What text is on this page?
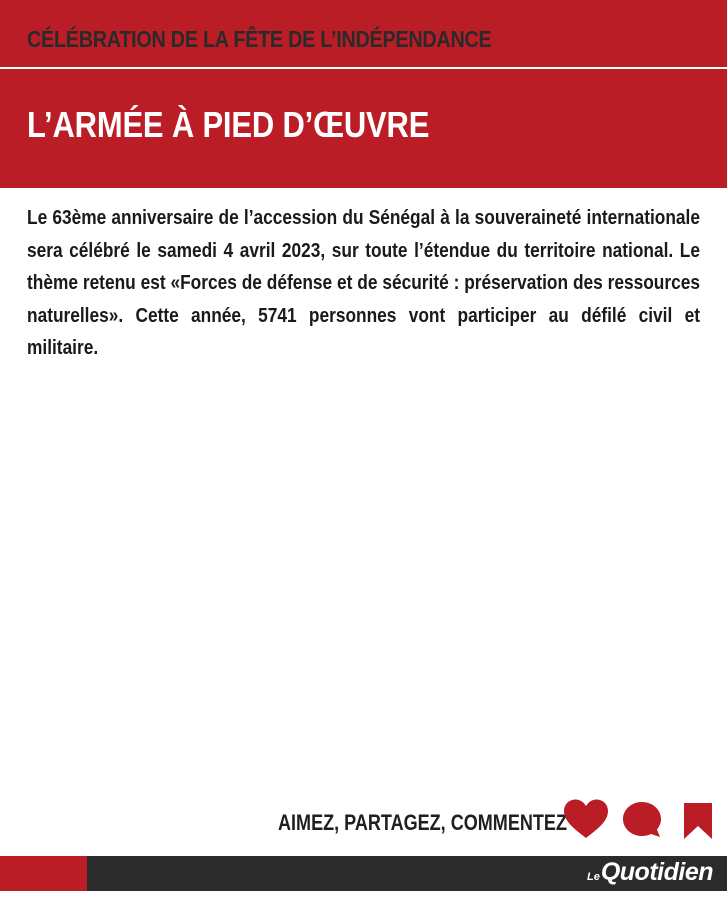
CÉLÉBRATION DE LA FÊTE DE L’INDÉPENDANCE
L’ARMÉE À PIED D’ŒUVRE
Le 63ème anniversaire de l’accession du Sénégal à la souveraineté internationale sera célébré le samedi 4 avril 2023, sur toute l’étendue du territoire national. Le thème retenu est «Forces de défense et de sécurité : préservation des ressources naturelles». Cette année, 5741 personnes vont participer au défilé civil et militaire.
AIMEZ, PARTAGEZ, COMMENTEZ
LeQuotidien
